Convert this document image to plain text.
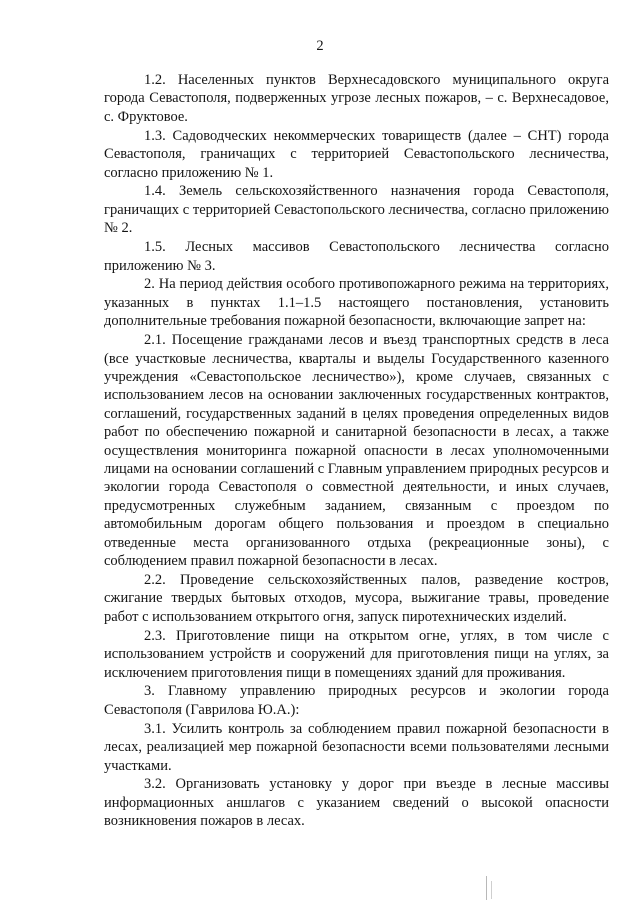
2

1.2. Населенных пунктов Верхнесадовского муниципального округа города Севастополя, подверженных угрозе лесных пожаров, – с. Верхнесадовое, с. Фруктовое.

1.3. Садоводческих некоммерческих товариществ (далее – СНТ) города Севастополя, граничащих с территорией Севастопольского лесничества, согласно приложению № 1.

1.4. Земель сельскохозяйственного назначения города Севастополя, граничащих с территорией Севастопольского лесничества, согласно приложению № 2.

1.5. Лесных массивов Севастопольского лесничества согласно приложению № 3.

2. На период действия особого противопожарного режима на территориях, указанных в пунктах 1.1–1.5 настоящего постановления, установить дополнительные требования пожарной безопасности, включающие запрет на:

2.1. Посещение гражданами лесов и въезд транспортных средств в леса (все участковые лесничества, кварталы и выделы Государственного казенного учреждения «Севастопольское лесничество»), кроме случаев, связанных с использованием лесов на основании заключенных государственных контрактов, соглашений, государственных заданий в целях проведения определенных видов работ по обеспечению пожарной и санитарной безопасности в лесах, а также осуществления мониторинга пожарной опасности в лесах уполномоченными лицами на основании соглашений с Главным управлением природных ресурсов и экологии города Севастополя о совместной деятельности, и иных случаев, предусмотренных служебным заданием, связанным с проездом по автомобильным дорогам общего пользования и проездом в специально отведенные места организованного отдыха (рекреационные зоны), с соблюдением правил пожарной безопасности в лесах.

2.2. Проведение сельскохозяйственных палов, разведение костров, сжигание твердых бытовых отходов, мусора, выжигание травы, проведение работ с использованием открытого огня, запуск пиротехнических изделий.

2.3. Приготовление пищи на открытом огне, углях, в том числе с использованием устройств и сооружений для приготовления пищи на углях, за исключением приготовления пищи в помещениях зданий для проживания.

3. Главному управлению природных ресурсов и экологии города Севастополя (Гаврилова Ю.А.):

3.1. Усилить контроль за соблюдением правил пожарной безопасности в лесах, реализацией мер пожарной безопасности всеми пользователями лесными участками.

3.2. Организовать установку у дорог при въезде в лесные массивы информационных аншлагов с указанием сведений о высокой опасности возникновения пожаров в лесах.
